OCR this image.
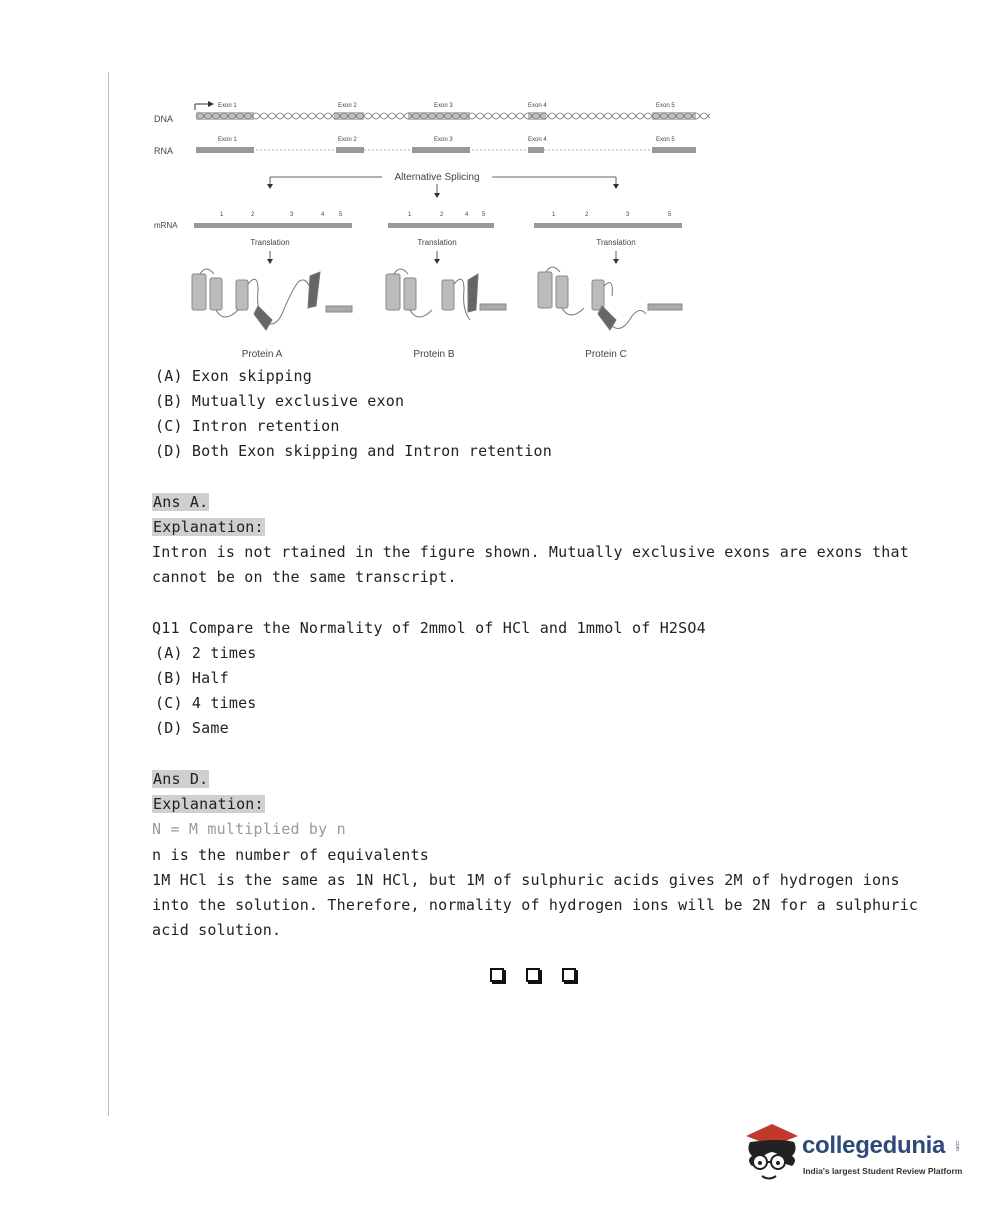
DNA
Exon 1	Exon 2	Exon 3	Exon 4	Exon 5
RNA
Exon 1	Exon 2	Exon 3	Exon 4	Exon 5
Alternative Splicing
mRNA
1	2	3	4 5	1	2	4 5	1	2	3	5
Translation	Translation	Translation
Protein A	Protein B	Protein C
(A) Exon skipping
(B) Mutually exclusive exon
(C) Intron retention
(D) Both Exon skipping and Intron retention
Ans A.
Explanation:
Intron is not rtained in the figure shown. Mutually exclusive exons are exons that
cannot be on the same transcript.
Q11 Compare the Normality of 2mmol of HCl and 1mmol of H2SO4
(A) 2 times
(B) Half
(C) 4 times
(D) Same
Ans D.
Explanation:
N = M multiplied by n
n is the number of equivalents
1M HCl is the same as 1N HCl, but 1M of sulphuric acids gives 2M of hydrogen ions
into the solution. Therefore, normality of hydrogen ions will be 2N for a sulphuric
acid solution.
collegedunia .com
India's largest Student Review Platform
